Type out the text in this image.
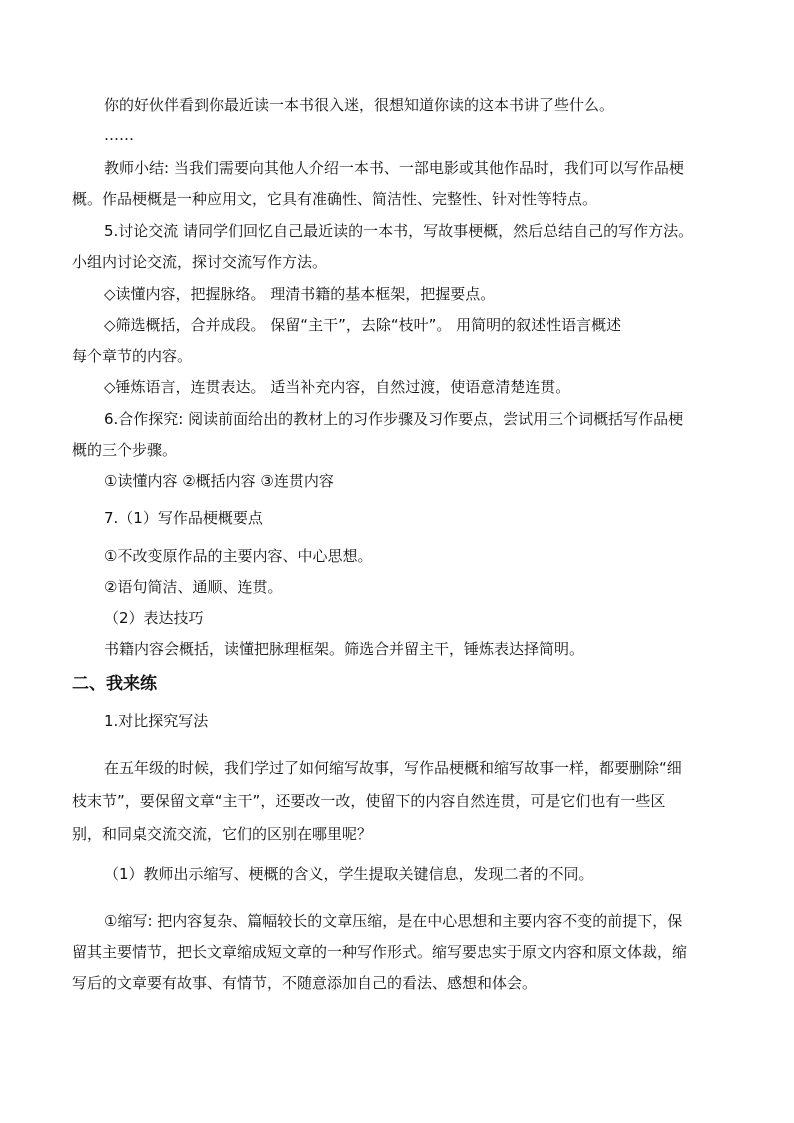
你的好伙伴看到你最近读一本书很入迷，很想知道你读的这本书讲了些什么。
……
教师小结: 当我们需要向其他人介绍一本书、一部电影或其他作品时，我们可以写作品梗
概。作品梗概是一种应用文，它具有准确性、简洁性、完整性、针对性等特点。
5.讨论交流 请同学们回忆自己最近读的一本书，写故事梗概，然后总结自己的写作方法。
小组内讨论交流，探讨交流写作方法。
◇读懂内容，把握脉络。 理清书籍的基本框架，把握要点。
◇筛选概括，合并成段。 保留“主干”，去除“枝叶”。 用简明的叙述性语言概述
每个章节的内容。
◇锤炼语言，连贯表达。 适当补充内容，自然过渡，使语意清楚连贯。
6.合作探究: 阅读前面给出的教材上的习作步骤及习作要点，尝试用三个词概括写作品梗
概的三个步骤。
①读懂内容 ②概括内容 ③连贯内容
7.（1）写作品梗概要点
①不改变原作品的主要内容、中心思想。
②语句简洁、通顺、连贯。
（2）表达技巧
书籍内容会概括，读懂把脉理框架。筛选合并留主干，锤炼表达择简明。
二、我来练
1.对比探究写法
在五年级的时候，我们学过了如何缩写故事，写作品梗概和缩写故事一样，都要删除“细
枝末节”，要保留文章“主干”，还要改一改，使留下的内容自然连贯，可是它们也有一些区
别，和同桌交流交流，它们的区别在哪里呢？
（1）教师出示缩写、梗概的含义，学生提取关键信息，发现二者的不同。
①缩写: 把内容复杂、篇幅较长的文章压缩，是在中心思想和主要内容不变的前提下，保
留其主要情节，把长文章缩成短文章的一种写作形式。缩写要忠实于原文内容和原文体裁，缩
写后的文章要有故事、有情节，不随意添加自己的看法、感想和体会。
